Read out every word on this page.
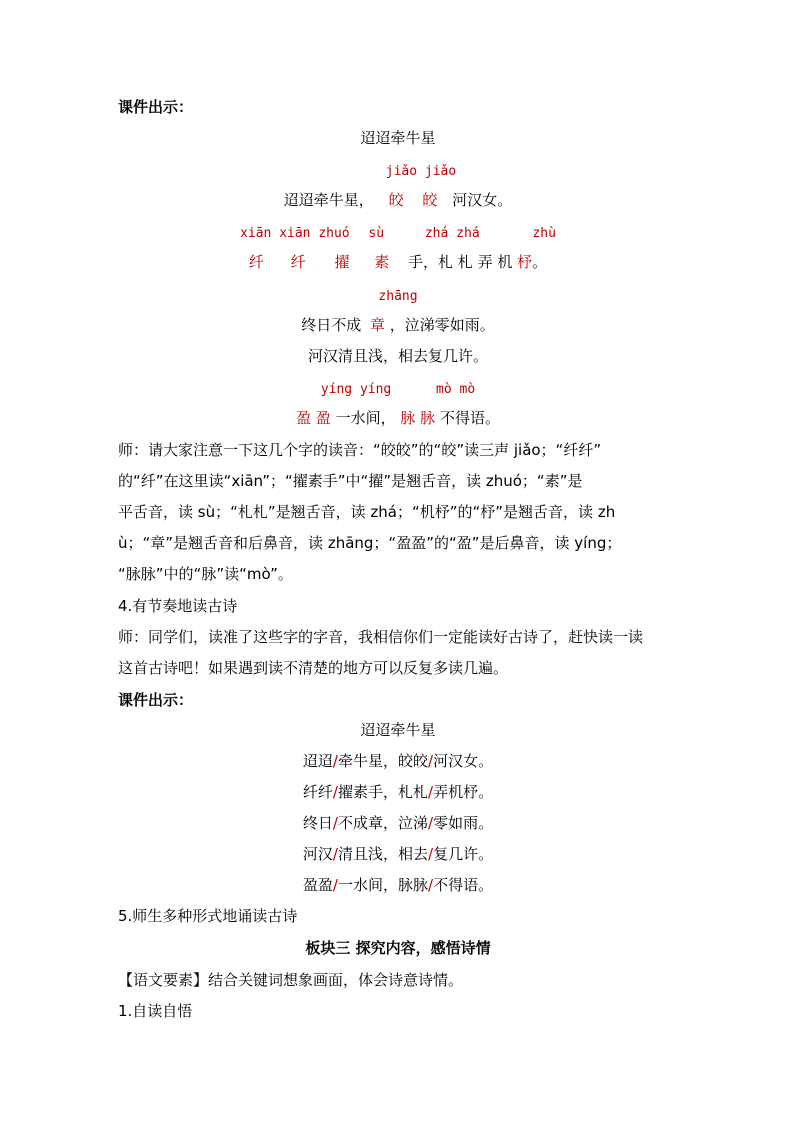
课件出示：
迢迢牵牛星
jiǎo jiǎo
迢迢牵牛星， 皎 皎 河汉女。
xiān xiān zhuó sù	zhá zhá	zhù
纤 纤 擢 素 手，札 札 弄 机 杼。
zhāng
终日不成 章 ，泣涕零如雨。
河汉清且浅，相去复几许。
yíng yíng	mò mò
盈 盈 一水间， 脉 脉 不得语。
师：请大家注意一下这几个字的读音：“皎皎”的“皎”读三声 jiǎo；“纤纤”
的“纤”在这里读“xiān”；“擢素手”中“擢”是翘舌音，读 zhuó；“素”是
平舌音，读 sù；“札札”是翘舌音，读 zhá；“机杼”的“杼”是翘舌音，读 zh
ù；“章”是翘舌音和后鼻音，读 zhāng；“盈盈”的“盈”是后鼻音，读 yíng；
“脉脉”中的“脉”读“mò”。
4.有节奏地读古诗
师：同学们，读准了这些字的字音，我相信你们一定能读好古诗了，赶快读一读
这首古诗吧！如果遇到读不清楚的地方可以反复多读几遍。
课件出示：
迢迢牵牛星
迢迢/牵牛星，皎皎/河汉女。
纤纤/擢素手，札札/弄机杼。
终日/不成章，泣涕/零如雨。
河汉/清且浅，相去/复几许。
盈盈/一水间，脉脉/不得语。
5.师生多种形式地诵读古诗
板块三 探究内容，感悟诗情
【语文要素】结合关键词想象画面，体会诗意诗情。
1.自读自悟
